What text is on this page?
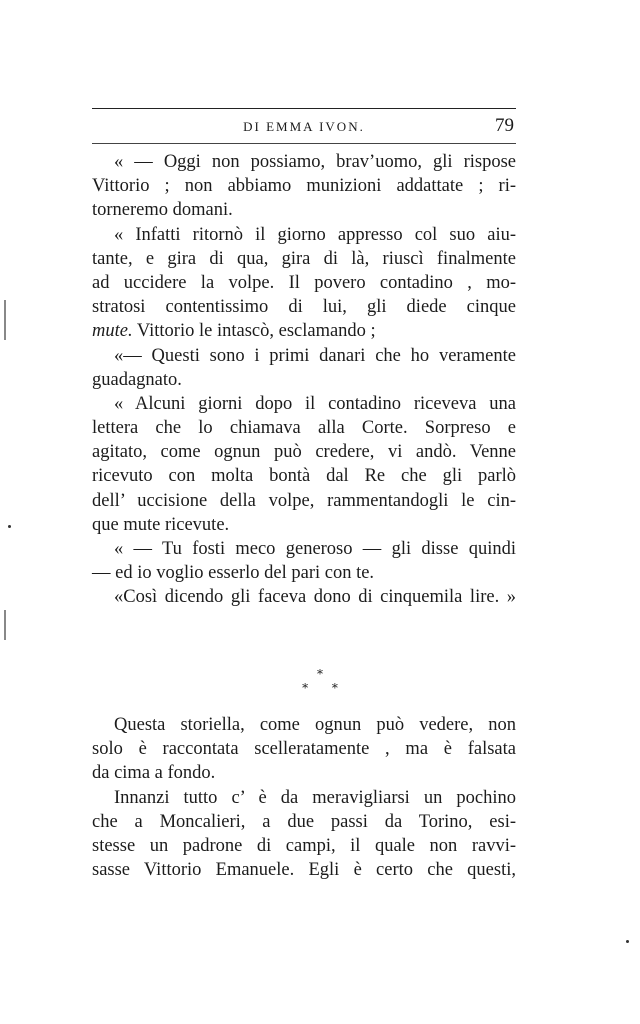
DI EMMA IVON.	79
« — Oggi non possiamo, brav’uomo, gli rispose
Vittorio ; non abbiamo munizioni addattate ; ri-
torneremo domani.
« Infatti ritornò il giorno appresso col suo aiu-
tante, e gira di qua, gira di là, riuscì finalmente
ad uccidere la volpe. Il povero contadino , mo-
stratosi contentissimo di lui, gli diede cinque
mute. Vittorio le intascò, esclamando ;
«— Questi sono i primi danari che ho veramente
guadagnato.
« Alcuni giorni dopo il contadino riceveva una
lettera che lo chiamava alla Corte. Sorpreso e
agitato, come ognun può credere, vi andò. Venne
ricevuto con molta bontà dal Re che gli parlò
dell’ uccisione della volpe, rammentandogli le cin-
que mute ricevute.
« — Tu fosti meco generoso — gli disse quindi
— ed io voglio esserlo del pari con te.
«Così dicendo gli faceva dono di cinquemila lire. »
*
* *
Questa storiella, come ognun può vedere, non
solo è raccontata scelleratamente , ma è falsata
da cima a fondo.
Innanzi tutto c’ è da meravigliarsi un pochino
che a Moncalieri, a due passi da Torino, esi-
stesse un padrone di campi, il quale non ravvi-
sasse Vittorio Emanuele. Egli è certo che questi,
